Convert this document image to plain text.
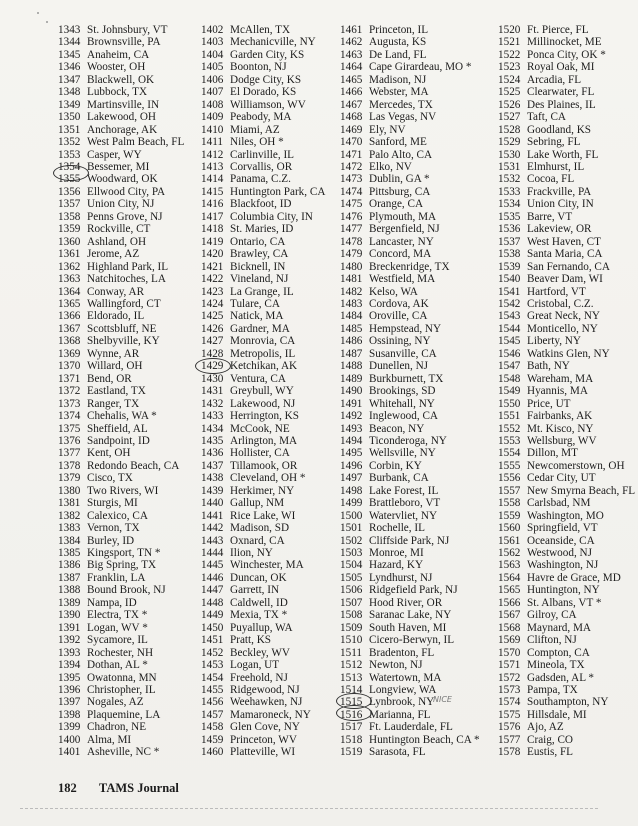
1343 St. Johnsbury, VT
1344 Brownsville, PA
1345 Anaheim, CA
1346 Wooster, OH
1347 Blackwell, OK
1348 Lubbock, TX
1349 Martinsville, IN
1350 Lakewood, OH
1351 Anchorage, AK
1352 West Palm Beach, FL
1353 Casper, WY
1354 Bessemer, MI
1355 Woodward, OK
1356 Ellwood City, PA
1357 Union City, NJ
1358 Penns Grove, NJ
1359 Rockville, CT
1360 Ashland, OH
1361 Jerome, AZ
1362 Highland Park, IL
1363 Natchitoches, LA
1364 Conway, AR
1365 Wallingford, CT
1366 Eldorado, IL
1367 Scottsbluff, NE
1368 Shelbyville, KY
1369 Wynne, AR
1370 Willard, OH
1371 Bend, OR
1372 Eastland, TX
1373 Ranger, TX
1374 Chehalis, WA *
1375 Sheffield, AL
1376 Sandpoint, ID
1377 Kent, OH
1378 Redondo Beach, CA
1379 Cisco, TX
1380 Two Rivers, WI
1381 Sturgis, MI
1382 Calexico, CA
1383 Vernon, TX
1384 Burley, ID
1385 Kingsport, TN *
1386 Big Spring, TX
1387 Franklin, LA
1388 Bound Brook, NJ
1389 Nampa, ID
1390 Electra, TX *
1391 Logan, WV *
1392 Sycamore, IL
1393 Rochester, NH
1394 Dothan, AL *
1395 Owatonna, MN
1396 Christopher, IL
1397 Nogales, AZ
1398 Plaquemine, LA
1399 Chadron, NE
1400 Alma, MI
1401 Asheville, NC *
1402 McAllen, TX
1403 Mechanicville, NY
1404 Garden City, KS
1405 Boonton, NJ
1406 Dodge City, KS
1407 El Dorado, KS
1408 Williamson, WV
1409 Peabody, MA
1410 Miami, AZ
1411 Niles, OH *
1412 Carlinville, IL
1413 Corvallis, OR
1414 Panama, C.Z.
1415 Huntington Park, CA
1416 Blackfoot, ID
1417 Columbia City, IN
1418 St. Maries, ID
1419 Ontario, CA
1420 Brawley, CA
1421 Bicknell, IN
1422 Vineland, NJ
1423 La Grange, IL
1424 Tulare, CA
1425 Natick, MA
1426 Gardner, MA
1427 Monrovia, CA
1428 Metropolis, IL
1429 Ketchikan, AK
1430 Ventura, CA
1431 Greybull, WY
1432 Lakewood, NJ
1433 Herrington, KS
1434 McCook, NE
1435 Arlington, MA
1436 Hollister, CA
1437 Tillamook, OR
1438 Cleveland, OH *
1439 Herkimer, NY
1440 Gallup, NM
1441 Rice Lake, WI
1442 Madison, SD
1443 Oxnard, CA
1444 Ilion, NY
1445 Winchester, MA
1446 Duncan, OK
1447 Garrett, IN
1448 Caldwell, ID
1449 Mexia, TX *
1450 Puyallup, WA
1451 Pratt, KS
1452 Beckley, WV
1453 Logan, UT
1454 Freehold, NJ
1455 Ridgewood, NJ
1456 Weehawken, NJ
1457 Mamaroneck, NY
1458 Glen Cove, NY
1459 Princeton, WV
1460 Platteville, WI
1461 Princeton, IL
1462 Augusta, KS
1463 De Land, FL
1464 Cape Girardeau, MO *
1465 Madison, NJ
1466 Webster, MA
1467 Mercedes, TX
1468 Las Vegas, NV
1469 Ely, NV
1470 Sanford, ME
1471 Palo Alto, CA
1472 Elko, NV
1473 Dublin, GA *
1474 Pittsburg, CA
1475 Orange, CA
1476 Plymouth, MA
1477 Bergenfield, NJ
1478 Lancaster, NY
1479 Concord, MA
1480 Breckenridge, TX
1481 Westfield, MA
1482 Kelso, WA
1483 Cordova, AK
1484 Oroville, CA
1485 Hempstead, NY
1486 Ossining, NY
1487 Susanville, CA
1488 Dunellen, NJ
1489 Burkburnett, TX
1490 Brookings, SD
1491 Whitehall, NY
1492 Inglewood, CA
1493 Beacon, NY
1494 Ticonderoga, NY
1495 Wellsville, NY
1496 Corbin, KY
1497 Burbank, CA
1498 Lake Forest, IL
1499 Brattleboro, VT
1500 Watervliet, NY
1501 Rochelle, IL
1502 Cliffside Park, NJ
1503 Monroe, MI
1504 Hazard, KY
1505 Lyndhurst, NJ
1506 Ridgefield Park, NJ
1507 Hood River, OR
1508 Saranac Lake, NY
1509 South Haven, MI
1510 Cicero-Berwyn, IL
1511 Bradenton, FL
1512 Newton, NJ
1513 Watertown, MA
1514 Longview, WA
1515 Lynbrook, NY
1516 Marianna, FL
1517 Ft. Lauderdale, FL
1518 Huntington Beach, CA *
1519 Sarasota, FL
1520 Ft. Pierce, FL
1521 Millinocket, ME
1522 Ponca City, OK *
1523 Royal Oak, MI
1524 Arcadia, FL
1525 Clearwater, FL
1526 Des Plaines, IL
1527 Taft, CA
1528 Goodland, KS
1529 Sebring, FL
1530 Lake Worth, FL
1531 Elmhurst, IL
1532 Cocoa, FL
1533 Frackville, PA
1534 Union City, IN
1535 Barre, VT
1536 Lakeview, OR
1537 West Haven, CT
1538 Santa Maria, CA
1539 San Fernando, CA
1540 Beaver Dam, WI
1541 Hartford, VT
1542 Cristobal, C.Z.
1543 Great Neck, NY
1544 Monticello, NY
1545 Liberty, NY
1546 Watkins Glen, NY
1547 Bath, NY
1548 Wareham, MA
1549 Hyannis, MA
1550 Price, UT
1551 Fairbanks, AK
1552 Mt. Kisco, NY
1553 Wellsburg, WV
1554 Dillon, MT
1555 Newcomerstown, OH
1556 Cedar City, UT
1557 New Smyrna Beach, FL
1558 Carlsbad, NM
1559 Washington, MO
1560 Springfield, VT
1561 Oceanside, CA
1562 Westwood, NJ
1563 Washington, NJ
1564 Havre de Grace, MD
1565 Huntington, NY
1566 St. Albans, VT *
1567 Gilroy, CA
1568 Maynard, MA
1569 Clifton, NJ
1570 Compton, CA
1571 Mineola, TX
1572 Gadsden, AL *
1573 Pampa, TX
1574 Southampton, NY
1575 Hillsdale, MI
1576 Ajo, AZ
1577 Craig, CO
1578 Eustis, FL
NICE
182 TAMS Journal
